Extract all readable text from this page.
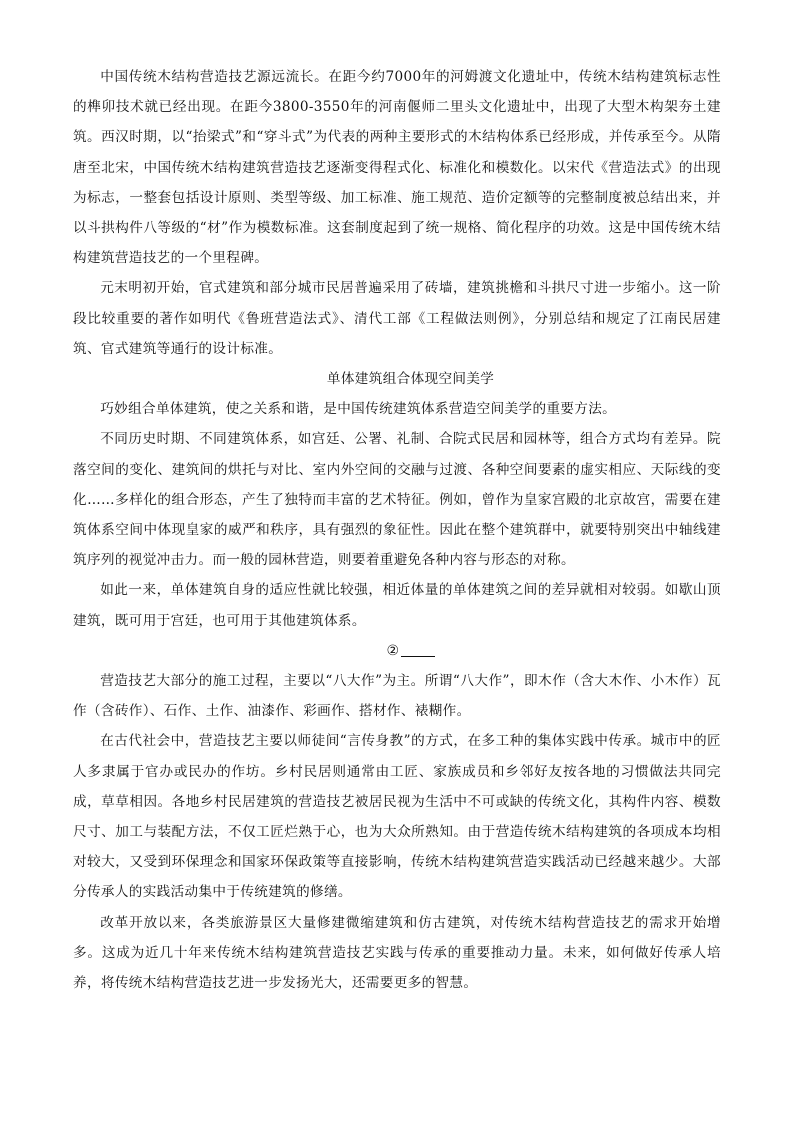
中国传统木结构营造技艺源远流长。在距今约7000年的河姆渡文化遗址中，传统木结构建筑标志性的榫卯技术就已经出现。在距今3800-3550年的河南偃师二里头文化遗址中，出现了大型木构架夯土建筑。西汉时期，以“抬梁式”和“穿斗式”为代表的两种主要形式的木结构体系已经形成，并传承至今。从隋唐至北宋，中国传统木结构建筑营造技艺逐渐变得程式化、标准化和模数化。以宋代《营造法式》的出现为标志，一整套包括设计原则、类型等级、加工标准、施工规范、造价定额等的完整制度被总结出来，并以斗拱构件八等级的“材”作为模数标准。这套制度起到了统一规格、简化程序的功效。这是中国传统木结构建筑营造技艺的一个里程碑。

元末明初开始，官式建筑和部分城市民居普遍采用了砖墙，建筑挑檐和斗拱尺寸进一步缩小。这一阶段比较重要的著作如明代《鲁班营造法式》、清代工部《工程做法则例》，分别总结和规定了江南民居建筑、官式建筑等通行的设计标准。

单体建筑组合体现空间美学

巧妙组合单体建筑，使之关系和谐，是中国传统建筑体系营造空间美学的重要方法。

不同历史时期、不同建筑体系，如宫廷、公署、礼制、合院式民居和园林等，组合方式均有差异。院落空间的变化、建筑间的烘托与对比、室内外空间的交融与过渡、各种空间要素的虚实相应、天际线的变化……多样化的组合形态，产生了独特而丰富的艺术特征。例如，曾作为皇家宫殿的北京故宫，需要在建筑体系空间中体现皇家的威严和秩序，具有强烈的象征性。因此在整个建筑群中，就要特别突出中轴线建筑序列的视觉冲击力。而一般的园林营造，则要着重避免各种内容与形态的对称。

如此一来，单体建筑自身的适应性就比较强，相近体量的单体建筑之间的差异就相对较弱。如歇山顶建筑，既可用于宫廷，也可用于其他建筑体系。

②

营造技艺大部分的施工过程，主要以“八大作”为主。所谓“八大作”，即木作（含大木作、小木作）瓦作（含砖作）、石作、土作、油漆作、彩画作、搭材作、裱糊作。

在古代社会中，营造技艺主要以师徒间“言传身教”的方式，在多工种的集体实践中传承。城市中的匠人多隶属于官办或民办的作坊。乡村民居则通常由工匠、家族成员和乡邻好友按各地的习惯做法共同完成，草草相因。各地乡村民居建筑的营造技艺被居民视为生活中不可或缺的传统文化，其构件内容、模数尺寸、加工与装配方法，不仅工匠烂熟于心，也为大众所熟知。由于营造传统木结构建筑的各项成本均相对较大，又受到环保理念和国家环保政策等直接影响，传统木结构建筑营造实践活动已经越来越少。大部分传承人的实践活动集中于传统建筑的修缮。

改革开放以来，各类旅游景区大量修建微缩建筑和仿古建筑，对传统木结构营造技艺的需求开始增多。这成为近几十年来传统木结构建筑营造技艺实践与传承的重要推动力量。未来，如何做好传承人培养，将传统木结构营造技艺进一步发扬光大，还需要更多的智慧。
